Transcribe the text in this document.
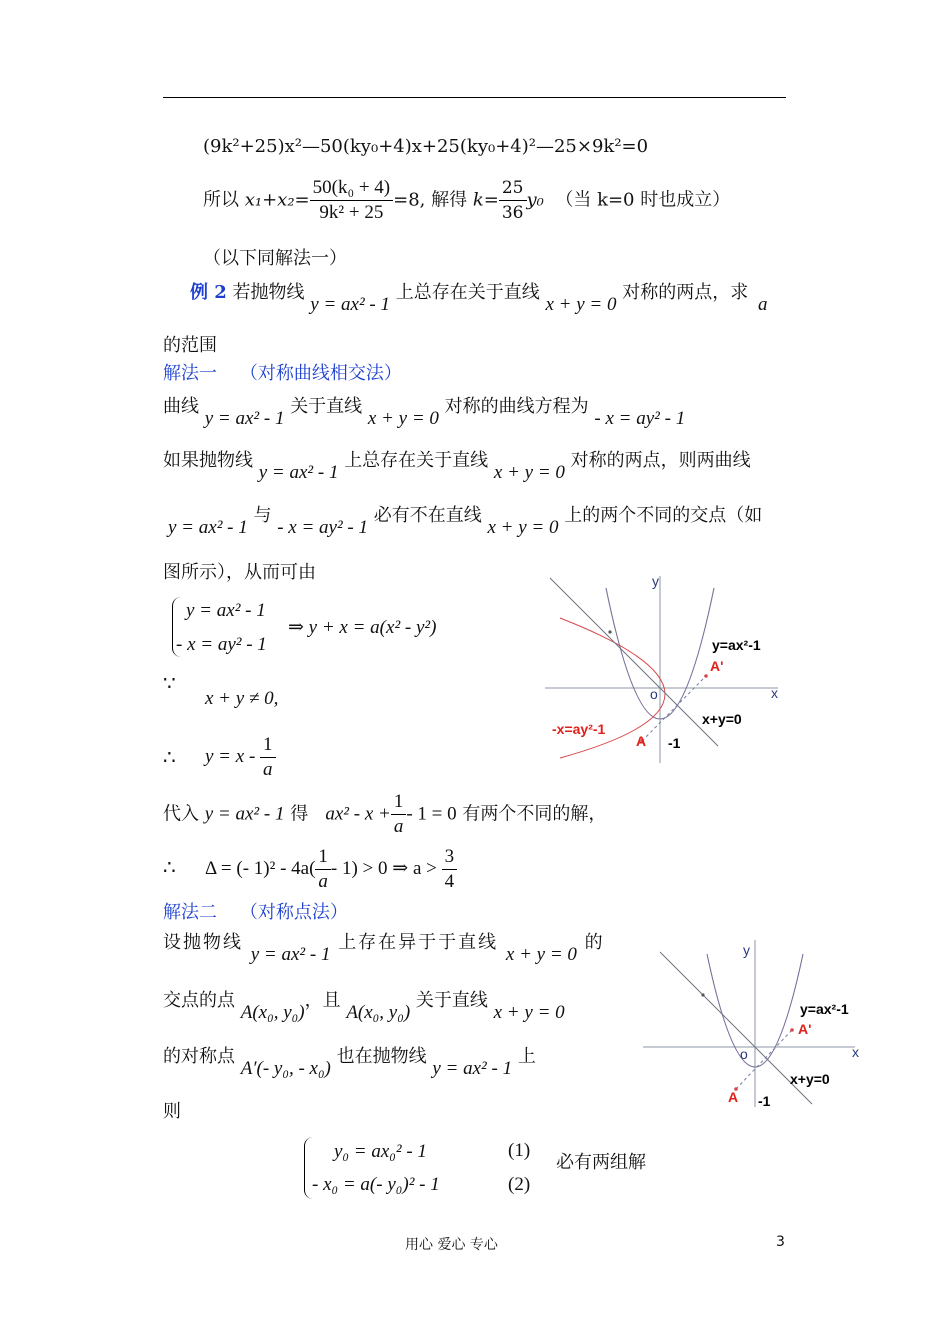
(9k²+25)x²—50(ky₀+4)x+25(ky₀+4)²—25×9k²=0
所以 $x_1+x_2= \frac{\text{50(k₀ + 4)}}{\text{9k² + 25}} =8$, 解得 $k= \frac{25}{36} y_0$ （当 k=0 时也成立）
（以下同解法一）
例 2 若抛物线 y = ax² - 1 上总存在关于直线 x + y = 0 对称的两点，求 a
的范围
解法一 （对称曲线相交法）
曲线 y = ax² - 1 关于直线 x + y = 0 对称的曲线方程为 - x = ay² - 1
如果抛物线 y = ax² - 1 上总存在关于直线 x + y = 0 对称的两点，则两曲线
y = ax² - 1 与 - x = ay² - 1 必有不在直线 x + y = 0 上的两个不同的交点（如
图所示），从而可由
y = ax² - 1
- x = ay² - 1
⇒ y + x = a(x² - y²)
∵
x + y ≠ 0,
∴ $y = x - \frac{1}{a}$
代入 y = ax² - 1 得 $ax^2 - x + \frac{1}{a} - 1 = 0$ 有两个不同的解，
∴ Δ = (- $1)^2 - 4a( \frac{1}{a} - 1) > 0$ ⇒ $a > \frac{3}{4}$
解法二 （对称点法）
设抛物线 y = ax² - 1 上存在异于于直线 x + y = 0 的
交点的点 A(x₀, y₀)，且 A(x₀, y₀) 关于直线 x + y = 0
的对称点 A′(- y₀, - x₀) 也在抛物线 y = ax² - 1 上
则
y₀ = ax₀² - 1	(1)
- x₀ = a(- y₀)² - 1	(2)
必有两组解
y
x
o
y=ax²-1
A'
x+y=0
-x=ay²-1
A -1
y
x
o
y=ax²-1
A'
x+y=0
A -1
用心 爱心 专心	3
